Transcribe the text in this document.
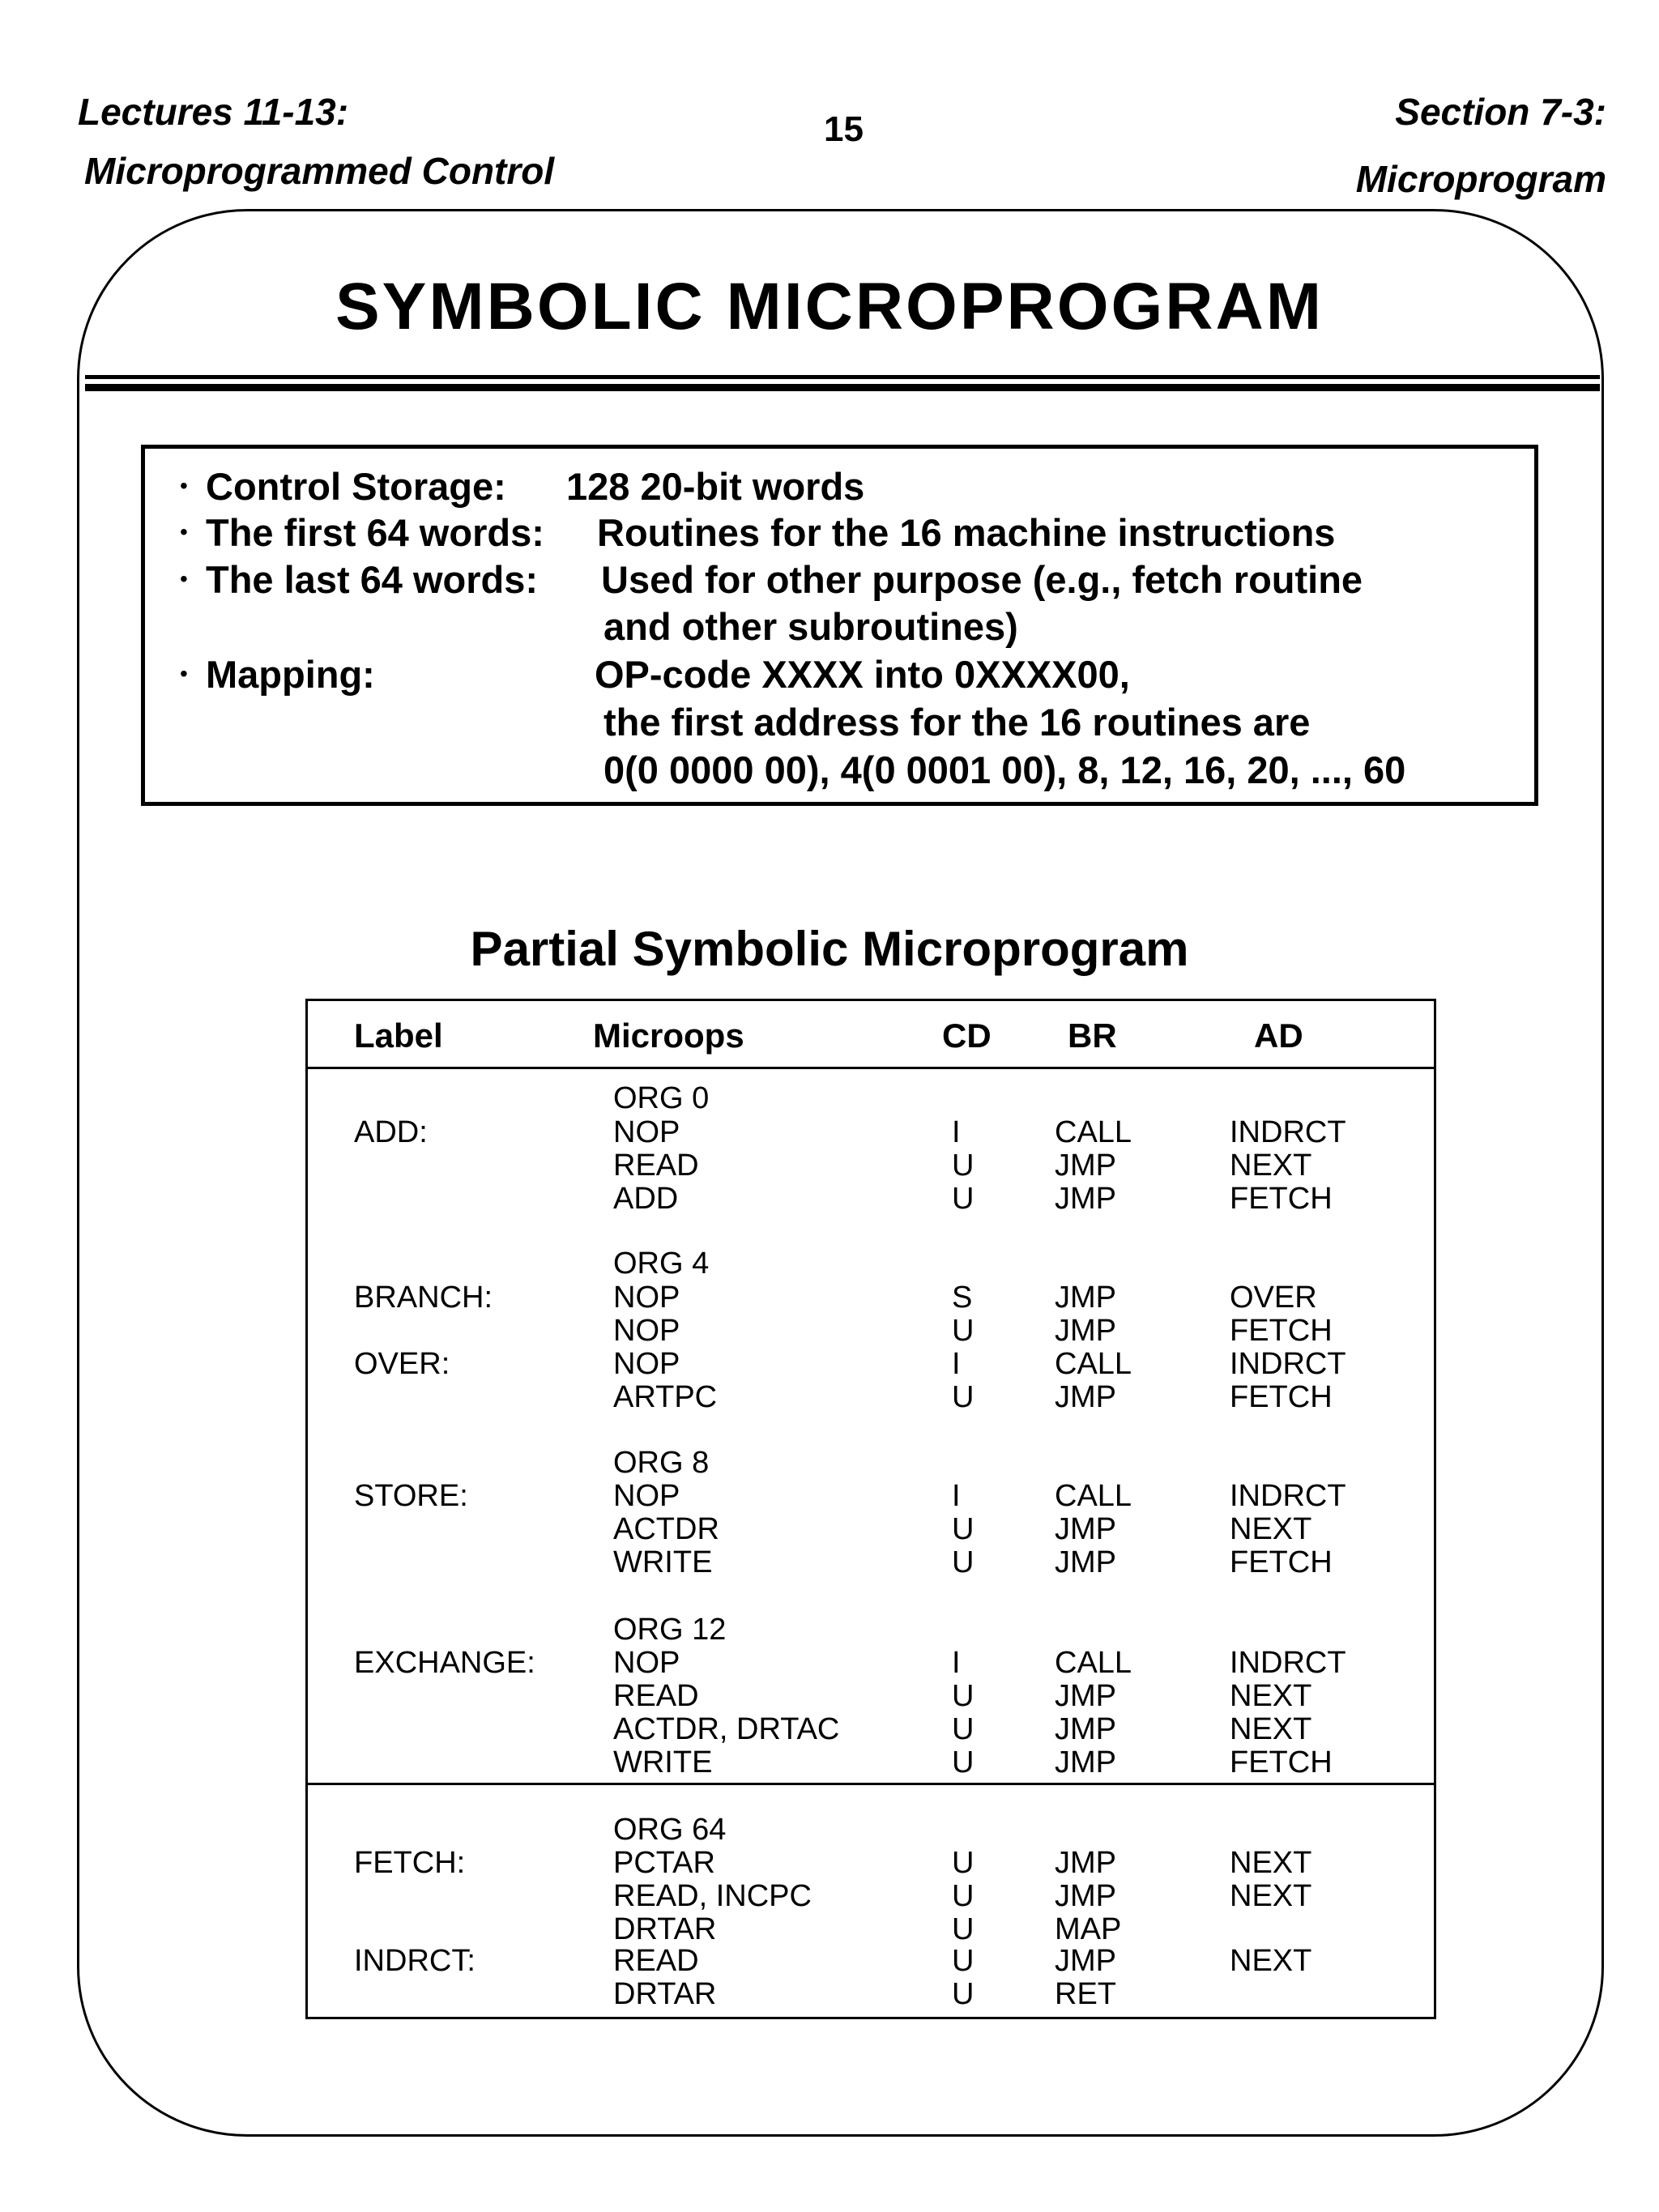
Lectures 11-13:
Microprogrammed Control
15	Section 7-3:
Microprogram
SYMBOLIC MICROPROGRAM
• Control Storage: 128 20-bit words
• The first 64 words: Routines for the 16 machine instructions
• The last 64 words: Used for other purpose (e.g., fetch routine
and other subroutines)
• Mapping:	OP-code XXXX into 0XXXX00,
the first address for the 16 routines are
0(0 0000 00), 4(0 0001 00), 8, 12, 16, 20, ..., 60
Partial Symbolic Microprogram
Label	Microops	CD BR	AD
ORG 0
ADD:	NOP	I	CALL	INDRCT
READ	U	JMP	NEXT
ADD	U	JMP	FETCH
ORG 4
BRANCH:	NOP	S	JMP	OVER
NOP	U	JMP	FETCH
OVER:	NOP	I	CALL	INDRCT
ARTPC	U	JMP	FETCH
ORG 8
STORE:	NOP	I	CALL	INDRCT
ACTDR	U	JMP	NEXT
WRITE	U	JMP	FETCH
ORG 12
EXCHANGE:	NOP	I	CALL	INDRCT
READ	U	JMP	NEXT
ACTDR, DRTAC	U	JMP	NEXT
WRITE	U	JMP	FETCH
ORG 64
FETCH:	PCTAR	U	JMP	NEXT
READ, INCPC	U	JMP	NEXT
DRTAR	U	MAP
INDRCT:	READ	U	JMP	NEXT
DRTAR	U	RET
